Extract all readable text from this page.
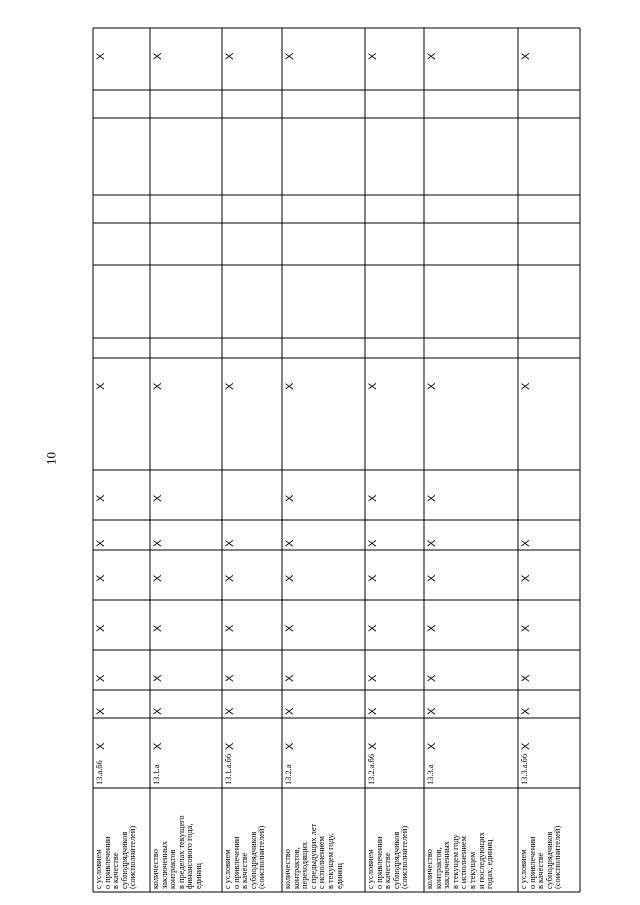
10
с условием
о привлечении
в качестве
субподрядчиков
(соисполнителей)
13.а.б6
X
X
X
X
X
X
X
X
X
количество
заключенных
контрактов
в пределах текущего
финансового года,
единиц
13.1.а
X
X
X
X
X
X
X
X
X
с условием
о привлечении
в качестве
субподрядчиков
(соисполнителей)
13.1.а.б6
X
X
X
X
X
X
X
X
количество
контрактов,
переходящих
с предыдущих лет
с исполнением
в текущем году,
единиц
13.2.а
X
X
X
X
X
X
X
X
X
с условием
о привлечении
в качестве
субподрядчиков
(соисполнителей)
13.2.а.б6
X
X
X
X
X
X
X
X
X
количество
контрактов,
заключенных
в текущем году
с исполнением
в текущем
и последующих
годах, единиц
13.3.а
X
X
X
X
X
X
X
X
X
с условием
о привлечении
в качестве
субподрядчиков
(соисполнителей)
13.3.а.б6
X
X
X
X
X
X
X
X
